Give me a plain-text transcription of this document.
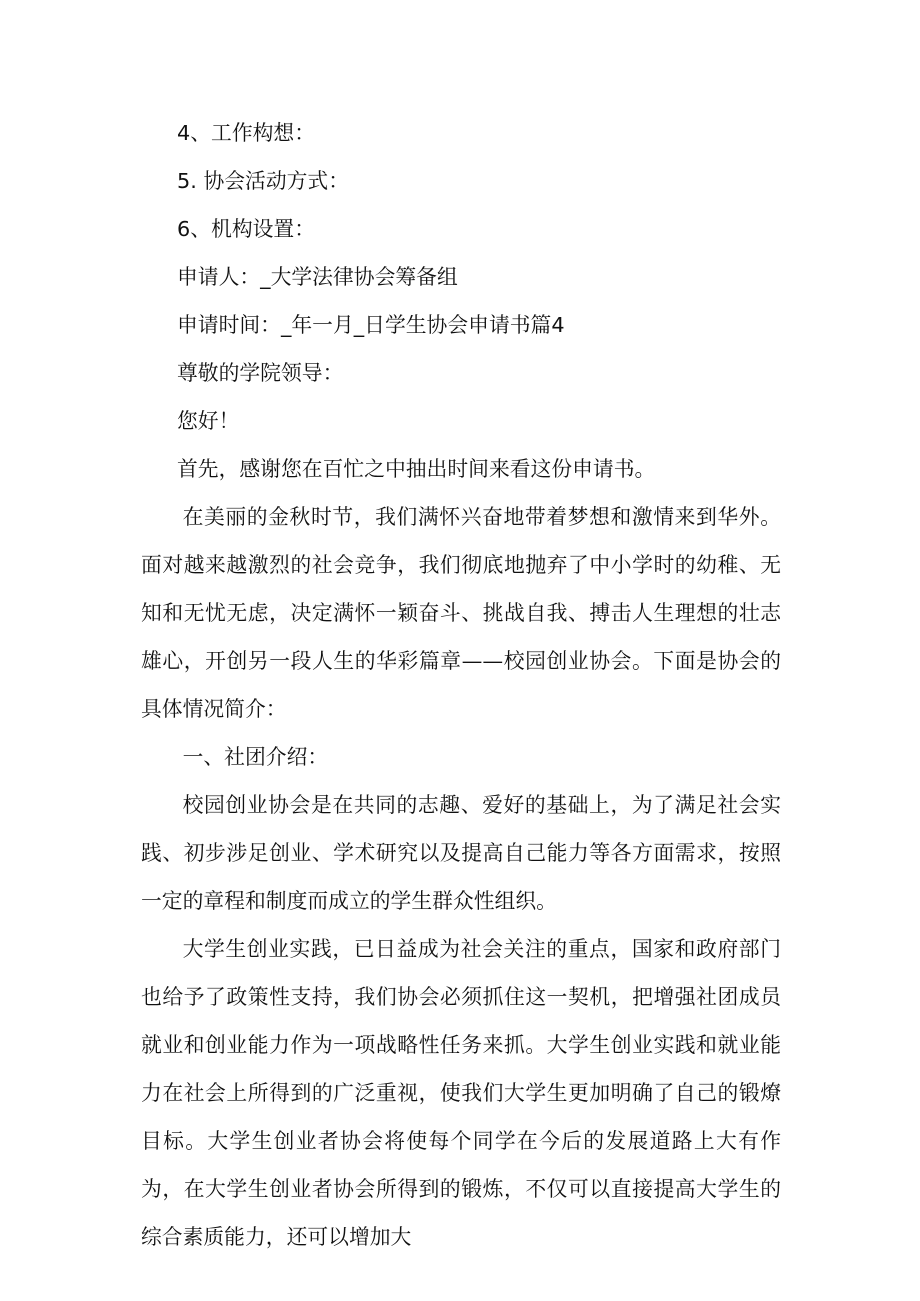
4、工作构想：

5. 协会活动方式：

6、机构设置：

申请人：_大学法律协会筹备组

申请时间：_年一月_日学生协会申请书篇4

尊敬的学院领导：

您好！

首先，感谢您在百忙之中抽出时间来看这份申请书。

在美丽的金秋时节，我们满怀兴奋地带着梦想和激情来到华外。面对越来越激烈的社会竞争，我们彻底地抛弃了中小学时的幼稚、无知和无忧无虑，决定满怀一颖奋斗、挑战自我、搏击人生理想的壮志雄心，开创另一段人生的华彩篇章——校园创业协会。下面是协会的具体情况简介：

一、社团介绍：

校园创业协会是在共同的志趣、爱好的基础上，为了满足社会实践、初步涉足创业、学术研究以及提高自己能力等各方面需求，按照一定的章程和制度而成立的学生群众性组织。

大学生创业实践，已日益成为社会关注的重点，国家和政府部门也给予了政策性支持，我们协会必须抓住这一契机，把增强社团成员就业和创业能力作为一项战略性任务来抓。大学生创业实践和就业能力在社会上所得到的广泛重视，使我们大学生更加明确了自己的锻燎目标。大学生创业者协会将使每个同学在今后的发展道路上大有作为，在大学生创业者协会所得到的锻炼，不仅可以直接提高大学生的综合素质能力，还可以增加大
